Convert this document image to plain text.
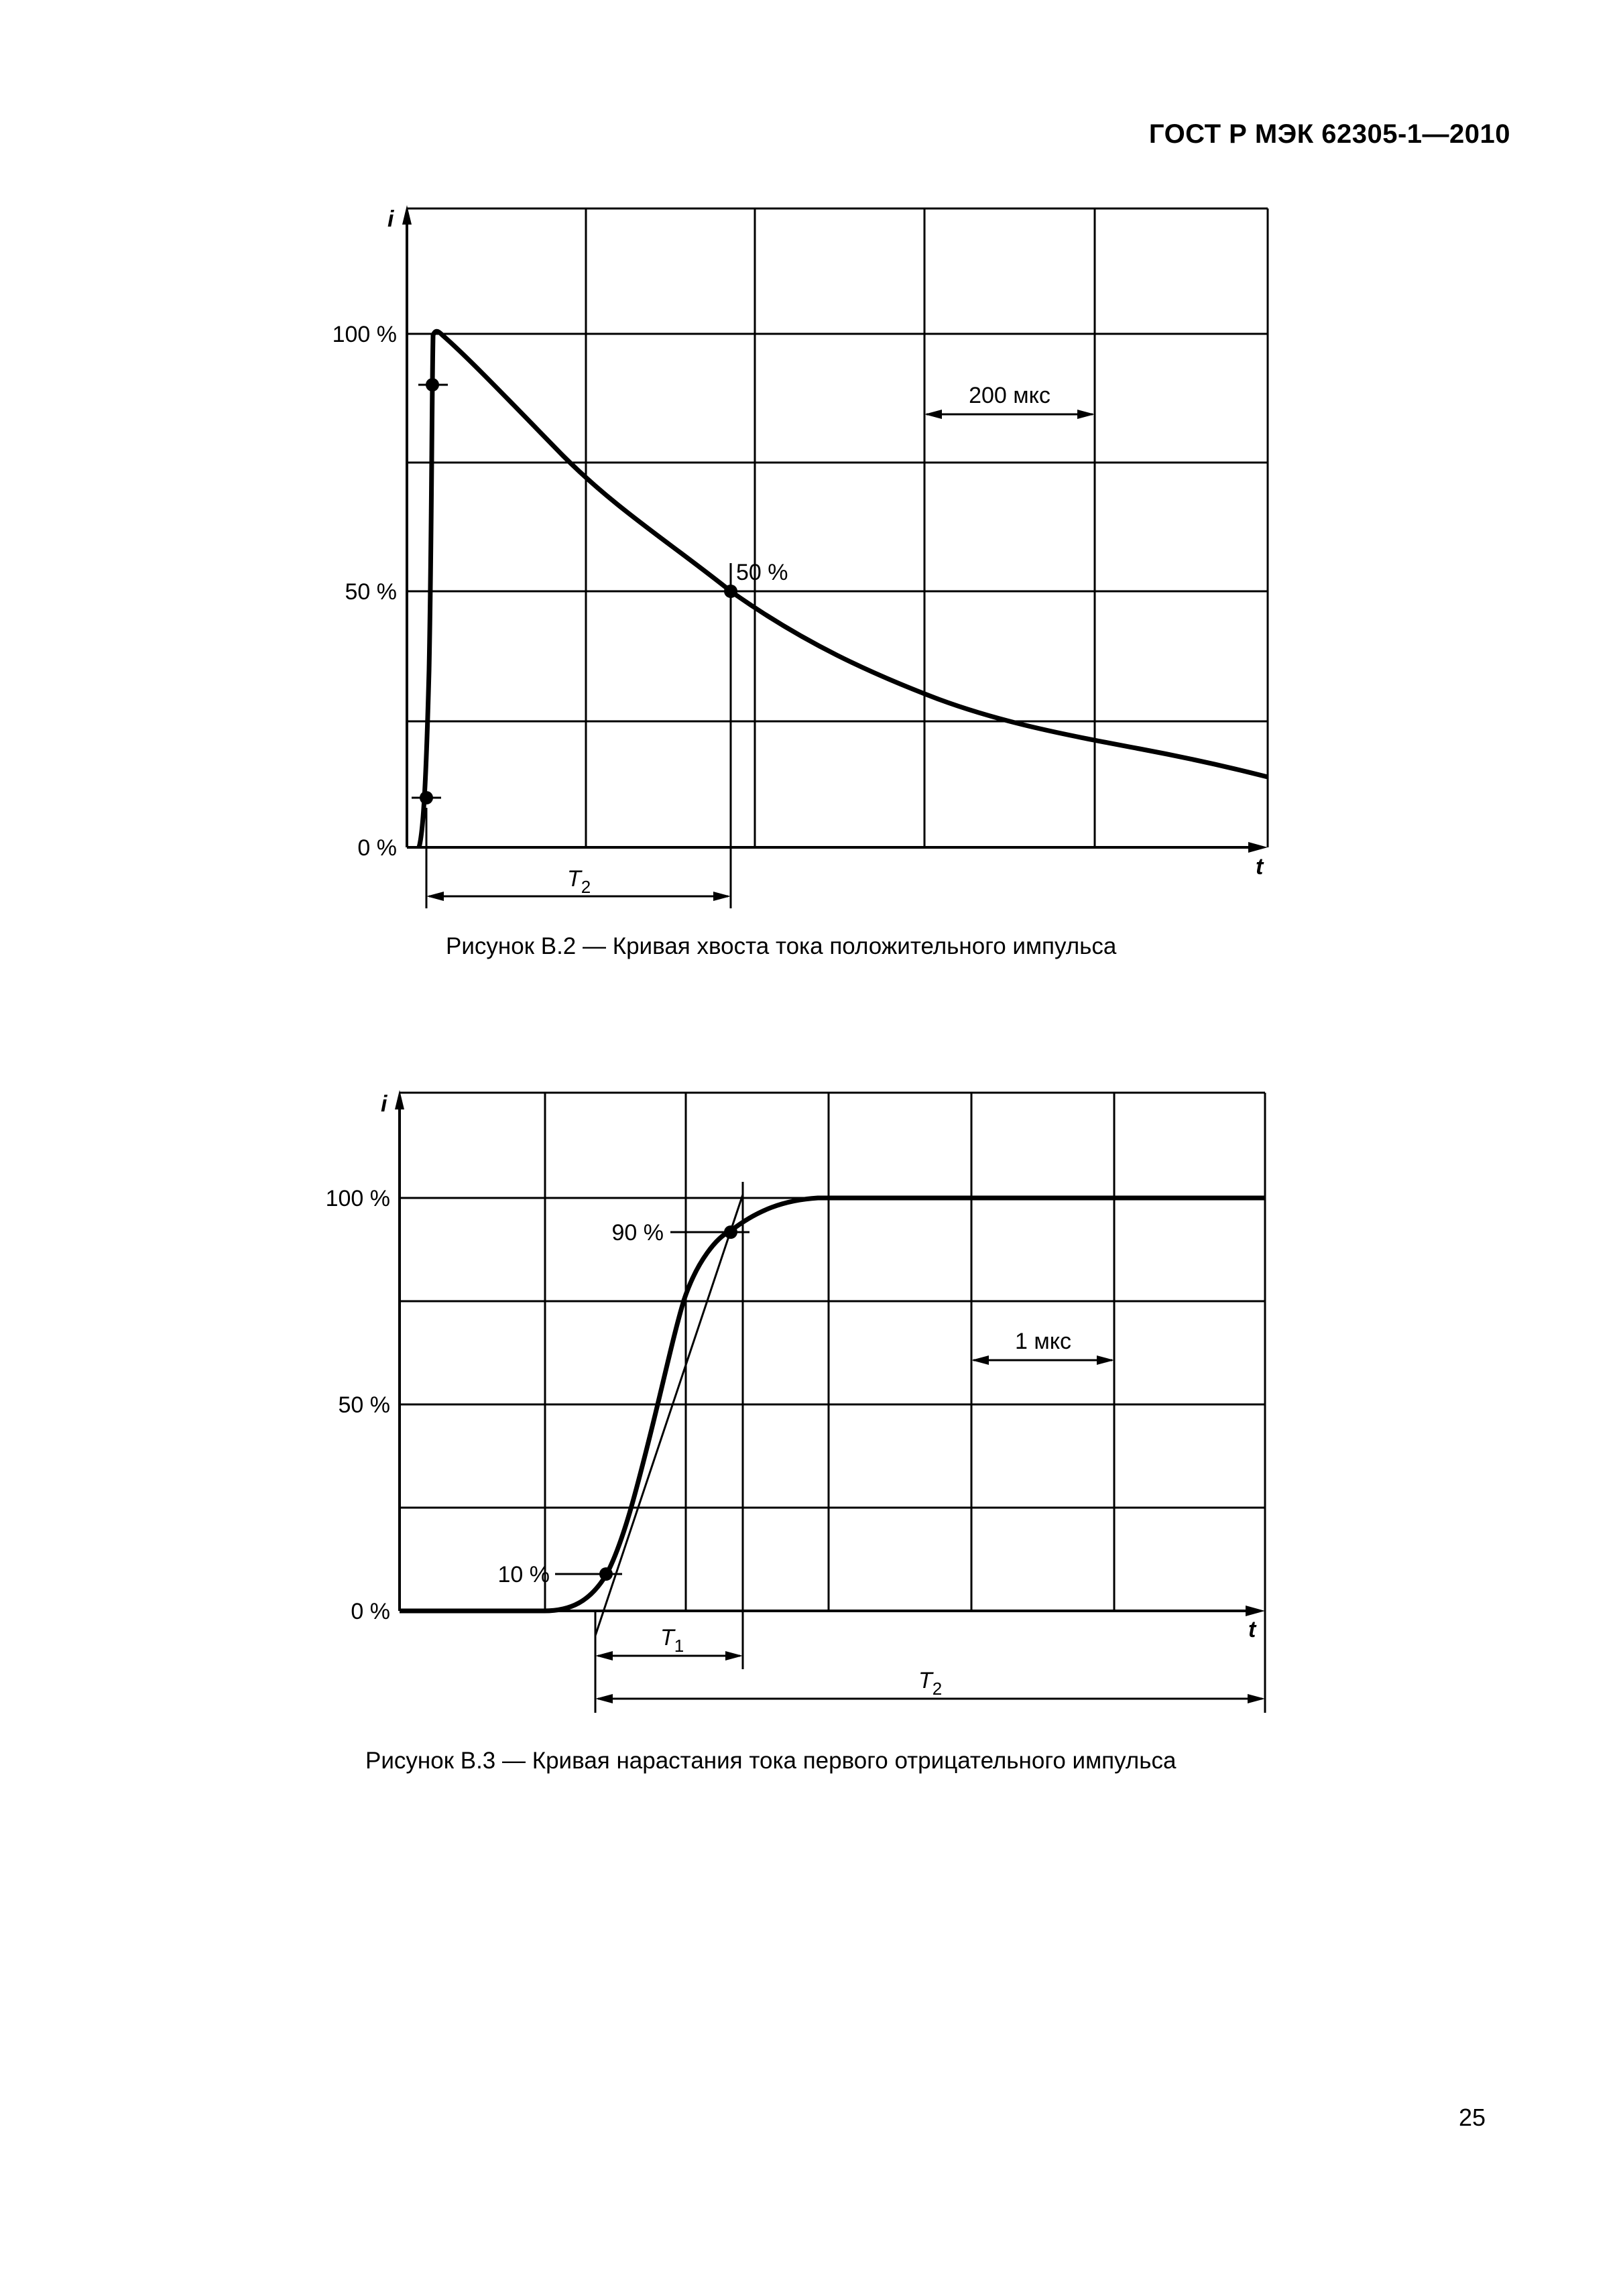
ГОСТ Р МЭК 62305-1—2010
i
100 %
50 %
0 %
t
200 мкс
50 %
$T_2$
i
100 %
50 %
0 %
t
90 %
10 %
1 мкс
$T_1$
$T_2$
Рисунок В.2 — Кривая хвоста тока положительного импульса
Рисунок В.3 — Кривая нарастания тока первого отрицательного импульса
25
